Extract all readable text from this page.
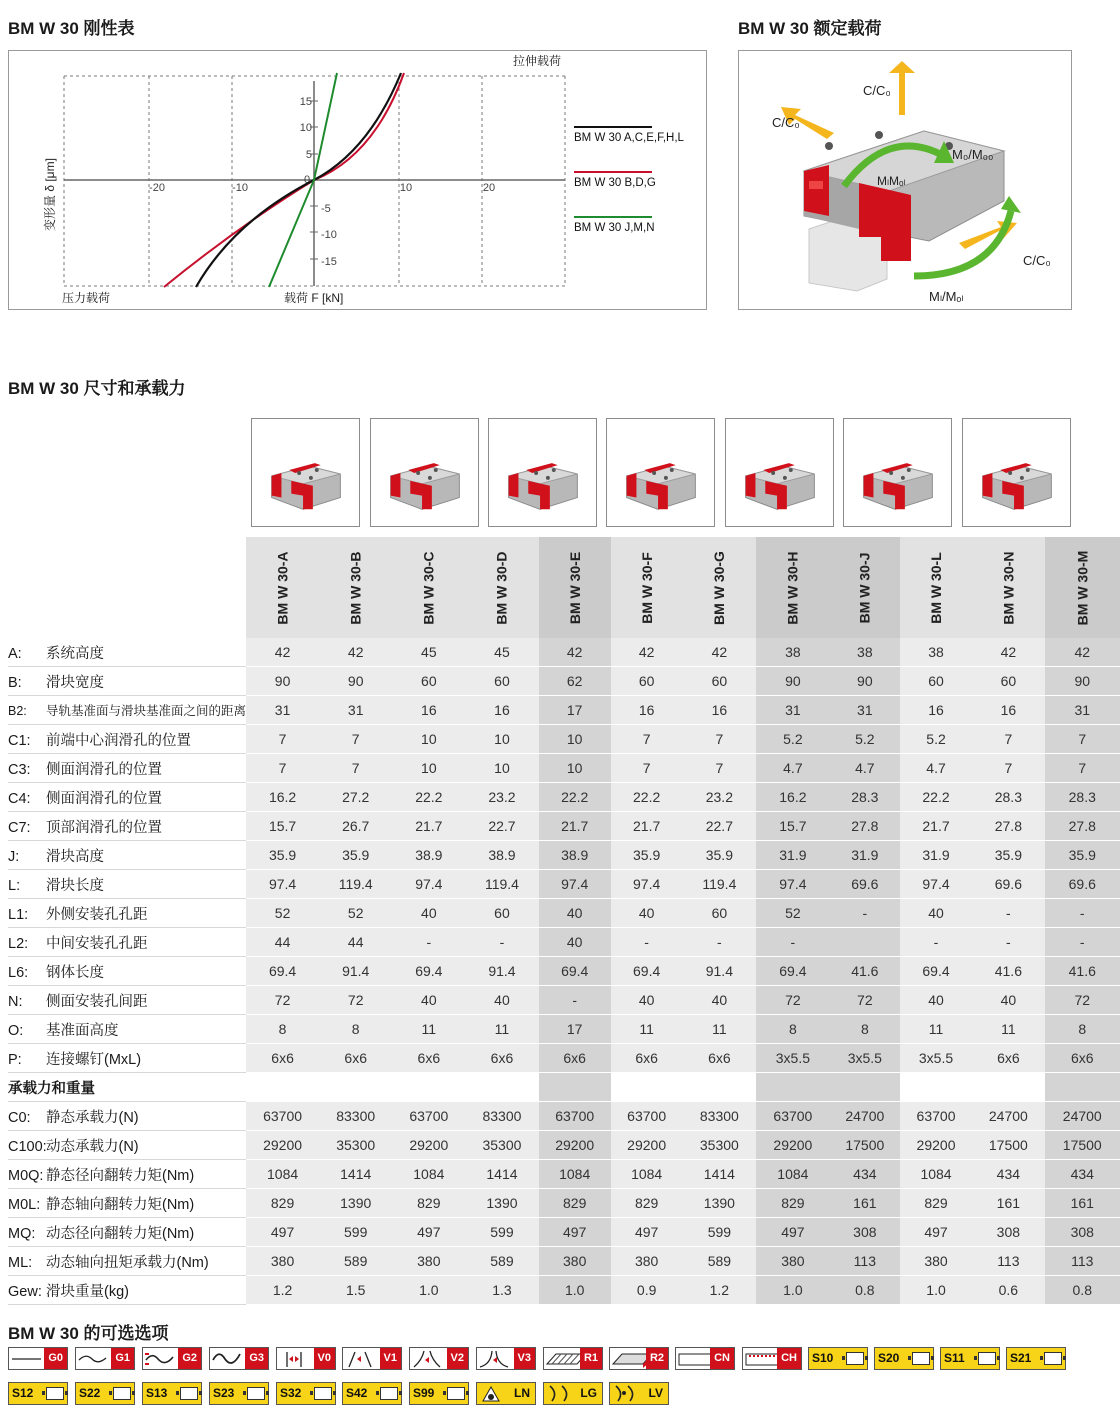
BM W 30 刚性表	BM W 30 额定载荷
BM W 30 尺寸和承载力
BM W 30 的可选选项
拉伸载荷
压力载荷	载荷 F [kN]
变形量 δ [μm]	-20	-10
0
10	20
15
10
5
-5
-10
-15
BM W 30 A,C,E,F,H,L
BM W 30 B,D,G
BM W 30 J,M,N
C/C₀
C/C₀
C/C₀
M₀/M₀₀
MₗMₒₗ
Mₗ/Mₒₗ
	BM W 30-A	BM W 30-B	BM W 30-C	BM W 30-D	BM W 30-E	BM W 30-F	BM W 30-G	BM W 30-H	BM W 30-J	BM W 30-L	BM W 30-N	BM W 30-M
A: 系统高度	42	42	45	45	42	42	42	38	38	38	42	42
B: 滑块宽度	90	90	60	60	62	60	60	90	90	60	60	90
B2: 导轨基准面与滑块基准面之间的距离	31	31	16	16	17	16	16	31	31	16	16	31
C1: 前端中心润滑孔的位置	7	7	10	10	10	7	7	5.2	5.2	5.2	7	7
C3: 侧面润滑孔的位置	7	7	10	10	10	7	7	4.7	4.7	4.7	7	7
C4: 侧面润滑孔的位置	16.2	27.2	22.2	23.2	22.2	22.2	23.2	16.2	28.3	22.2	28.3	28.3
C7: 顶部润滑孔的位置	15.7	26.7	21.7	22.7	21.7	21.7	22.7	15.7	27.8	21.7	27.8	27.8
J: 滑块高度	35.9	35.9	38.9	38.9	38.9	35.9	35.9	31.9	31.9	31.9	35.9	35.9
L: 滑块长度	97.4	119.4	97.4	119.4	97.4	97.4	119.4	97.4	69.6	97.4	69.6	69.6
L1: 外侧安装孔孔距	52	52	40	60	40	40	60	52	-	40	-	-
L2: 中间安装孔孔距	44	44	-	-	40	-	-	-		-	-	-
L6: 钢体长度	69.4	91.4	69.4	91.4	69.4	69.4	91.4	69.4	41.6	69.4	41.6	41.6
N: 侧面安装孔间距	72	72	40	40	-	40	40	72	72	40	40	72
O: 基准面高度	8	8	11	11	17	11	11	8	8	11	11	8
P: 连接螺钉(MxL)	6x6	6x6	6x6	6x6	6x6	6x6	6x6	3x5.5	3x5.5	3x5.5	6x6	6x6
承载力和重量												
C0: 静态承载力(N)	63700	83300	63700	83300	63700	63700	83300	63700	24700	63700	24700	24700
C100:动态承载力(N)	29200	35300	29200	35300	29200	29200	35300	29200	17500	29200	17500	17500
M0Q: 静态径向翻转力矩(Nm)	1084	1414	1084	1414	1084	1084	1414	1084	434	1084	434	434
M0L: 静态轴向翻转力矩(Nm)	829	1390	829	1390	829	829	1390	829	161	829	161	161
MQ: 动态径向翻转力矩(Nm)	497	599	497	599	497	497	599	497	308	497	308	308
ML: 动态轴向扭矩承载力(Nm)	380	589	380	589	380	380	589	380	113	380	113	113
Gew: 滑块重量(kg)	1.2	1.5	1.0	1.3	1.0	0.9	1.2	1.0	0.8	1.0	0.6	0.8
G0	G1	G2	G3	V0	V1	V2	V3	R1	R2	CN	CH	S10	S20	S11	S21
S12	S22	S13	S23	S32	S42	S99	LN	LG	LV
